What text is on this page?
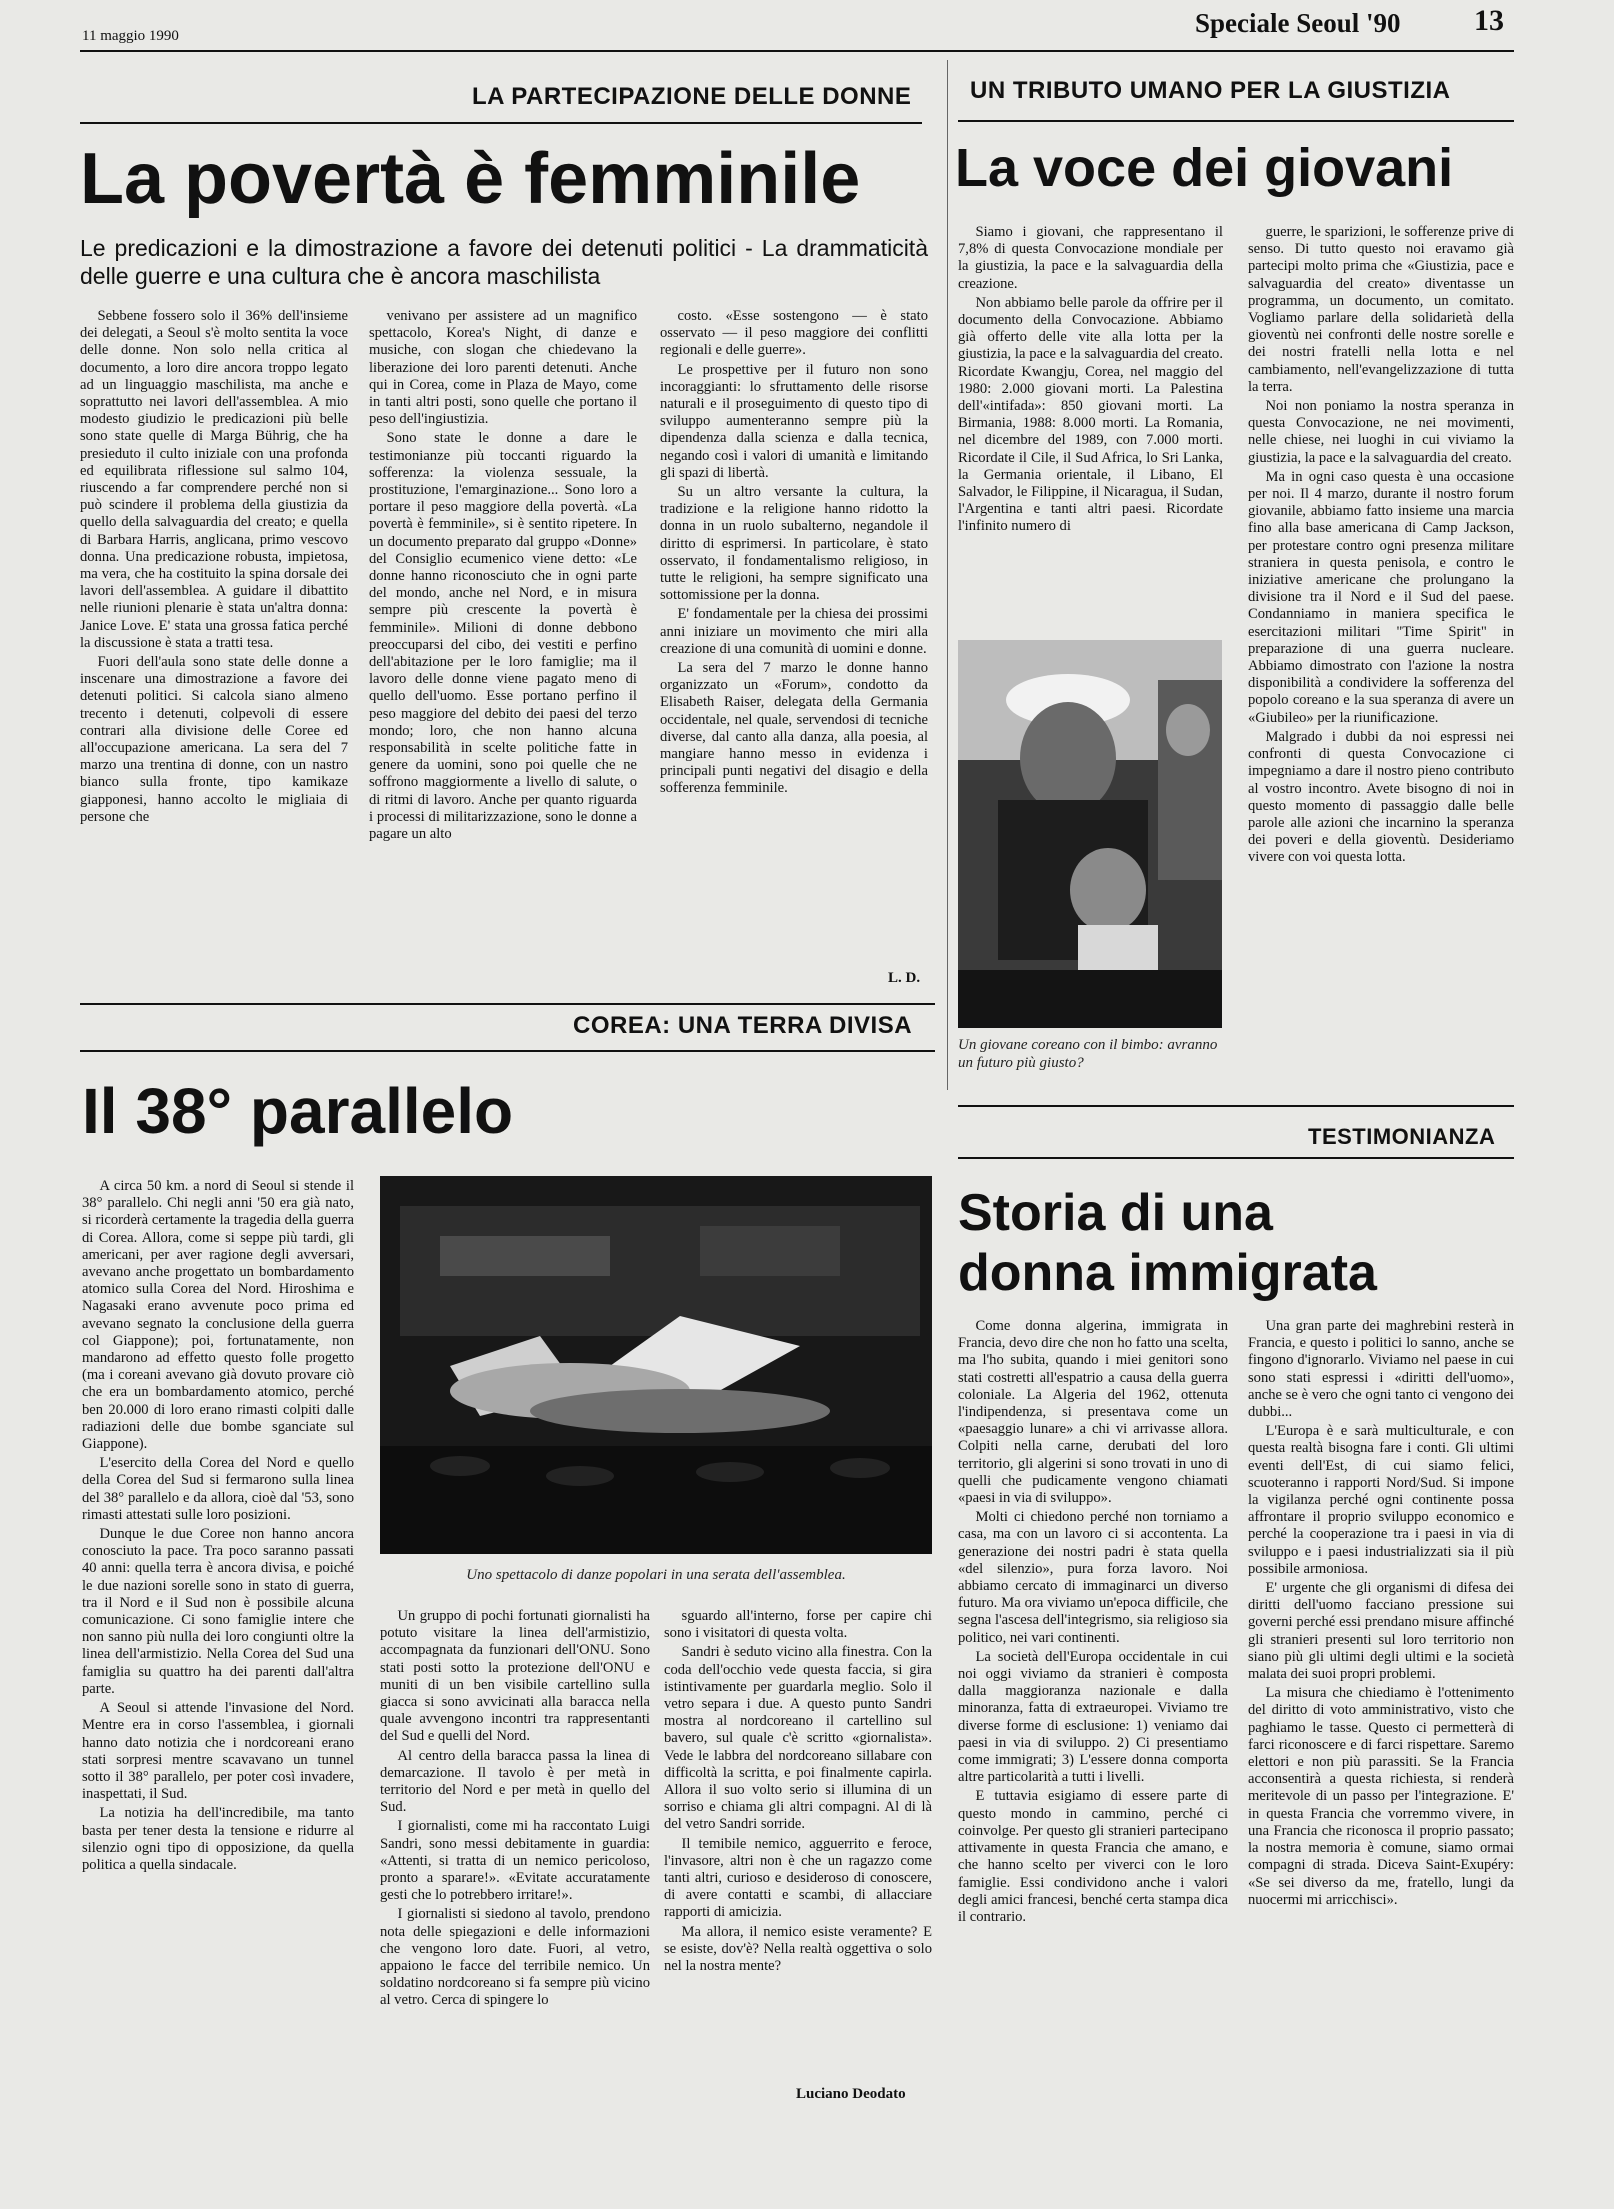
11 maggio 1990	Speciale Seoul '90 13
LA PARTECIPAZIONE DELLE DONNE
La povertà è femminile
Le predicazioni e la dimostrazione a favore dei detenuti politici - La drammaticità delle guerre e una cultura che è ancora maschilista

Sebbene fossero solo il 36% dell'insieme dei delegati, a Seoul s'è molto sentita la voce delle donne. Non solo nella critica al documento, a loro dire ancora troppo legato ad un linguaggio maschilista, ma anche e soprattutto nei lavori dell'assemblea. A mio modesto giudizio le predicazioni più belle sono state quelle di Marga Bührig, che ha presieduto il culto iniziale con una profonda ed equilibrata riflessione sul salmo 104, riuscendo a far comprendere perché non si può scindere il problema della giustizia da quello della salvaguardia del creato; e quella di Barbara Harris, anglicana, primo vescovo donna. Una predicazione robusta, impietosa, ma vera, che ha costituito la spina dorsale dei lavori dell'assemblea. A guidare il dibattito nelle riunioni plenarie è stata un'altra donna: Janice Love. E' stata una grossa fatica perché la discussione è stata a tratti tesa.

Fuori dell'aula sono state delle donne a inscenare una dimostrazione a favore dei detenuti politici. Si calcola siano almeno trecento i detenuti, colpevoli di essere contrari alla divisione delle Coree ed all'occupazione americana. La sera del 7 marzo una trentina di donne, con un nastro bianco sulla fronte, tipo kamikaze giapponesi, hanno accolto le migliaia di persone che

venivano per assistere ad un magnifico spettacolo, Korea's Night, di danze e musiche, con slogan che chiedevano la liberazione dei loro parenti detenuti. Anche qui in Corea, come in Plaza de Mayo, come in tanti altri posti, sono quelle che portano il peso dell'ingiustizia.

Sono state le donne a dare le testimonianze più toccanti riguardo la sofferenza: la violenza sessuale, la prostituzione, l'emarginazione... Sono loro a portare il peso maggiore della povertà. «La povertà è femminile», si è sentito ripetere. In un documento preparato dal gruppo «Donne» del Consiglio ecumenico viene detto: «Le donne hanno riconosciuto che in ogni parte del mondo, anche nel Nord, e in misura sempre più crescente la povertà è femminile». Milioni di donne debbono preoccuparsi del cibo, dei vestiti e perfino dell'abitazione per le loro famiglie; ma il lavoro delle donne viene pagato meno di quello dell'uomo. Esse portano perfino il peso maggiore del debito dei paesi del terzo mondo; loro, che non hanno alcuna responsabilità in scelte politiche fatte in genere da uomini, sono poi quelle che ne soffrono maggiormente a livello di salute, o di ritmi di lavoro. Anche per quanto riguarda i processi di militarizzazione, sono le donne a pagare un alto

costo. «Esse sostengono — è stato osservato — il peso maggiore dei conflitti regionali e delle guerre».

Le prospettive per il futuro non sono incoraggianti: lo sfruttamento delle risorse naturali e il proseguimento di questo tipo di sviluppo aumenteranno sempre più la dipendenza dalla scienza e dalla tecnica, negando così i valori di umanità e limitando gli spazi di libertà.

Su un altro versante la cultura, la tradizione e la religione hanno ridotto la donna in un ruolo subalterno, negandole il diritto di esprimersi. In particolare, è stato osservato, il fondamentalismo religioso, in tutte le religioni, ha sempre significato una sottomissione per la donna.

E' fondamentale per la chiesa dei prossimi anni iniziare un movimento che miri alla creazione di una comunità di uomini e donne.

La sera del 7 marzo le donne hanno organizzato un «Forum», condotto da Elisabeth Raiser, delegata della Germania occidentale, nel quale, servendosi di tecniche diverse, dal canto alla danza, alla poesia, al mangiare hanno messo in evidenza i principali punti negativi del disagio e della sofferenza femminile.

L. D.
UN TRIBUTO UMANO PER LA GIUSTIZIA
La voce dei giovani

Siamo i giovani, che rappresentano il 7,8% di questa Convocazione mondiale per la giustizia, la pace e la salvaguardia della creazione.

Non abbiamo belle parole da offrire per il documento della Convocazione. Abbiamo già offerto delle vite alla lotta per la giustizia, la pace e la salvaguardia del creato. Ricordate Kwangju, Corea, nel maggio del 1980: 2.000 giovani morti. La Palestina dell'«intifada»: 850 giovani morti. La Birmania, 1988: 8.000 morti. La Romania, nel dicembre del 1989, con 7.000 morti. Ricordate il Cile, il Sud Africa, lo Sri Lanka, la Germania orientale, il Libano, El Salvador, le Filippine, il Nicaragua, il Sudan, l'Argentina e tanti altri paesi. Ricordate l'infinito numero di

guerre, le sparizioni, le sofferenze prive di senso. Di tutto questo noi eravamo già partecipi molto prima che «Giustizia, pace e salvaguardia del creato» diventasse un programma, un documento, un comitato. Vogliamo parlare della solidarietà della gioventù nei confronti delle nostre sorelle e dei nostri fratelli nella lotta e nel cambiamento, nell'evangelizzazione di tutta la terra.

Noi non poniamo la nostra speranza in questa Convocazione, ne nei movimenti, nelle chiese, nei luoghi in cui viviamo la giustizia, la pace e la salvaguardia del creato.

Ma in ogni caso questa è una occasione per noi. Il 4 marzo, durante il nostro forum giovanile, abbiamo fatto insieme una marcia fino alla base americana di Camp Jackson, per protestare contro ogni presenza militare straniera in questa penisola, e contro le iniziative americane che prolungano la divisione tra il Nord e il Sud del paese. Condanniamo in maniera specifica le esercitazioni militari "Time Spirit" in preparazione di una guerra nucleare. Abbiamo dimostrato con l'azione la nostra disponibilità a condividere la sofferenza del popolo coreano e la sua speranza di avere un «Giubileo» per la riunificazione.

Malgrado i dubbi da noi espressi nei confronti di questa Convocazione ci impegniamo a dare il nostro pieno contributo al vostro incontro. Avete bisogno di noi in questo momento di passaggio dalle belle parole alle azioni che incarnino la speranza dei poveri e della gioventù. Desideriamo vivere con voi questa lotta.

Un giovane coreano con il bimbo: avranno un futuro più giusto?
COREA: UNA TERRA DIVISA
Il 38° parallelo

A circa 50 km. a nord di Seoul si stende il 38° parallelo. Chi negli anni '50 era già nato, si ricorderà certamente la tragedia della guerra di Corea. Allora, come si seppe più tardi, gli americani, per aver ragione degli avversari, avevano anche progettato un bombardamento atomico sulla Corea del Nord. Hiroshima e Nagasaki erano avvenute poco prima ed avevano segnato la conclusione della guerra col Giappone); poi, fortunatamente, non mandarono ad effetto questo folle progetto (ma i coreani avevano già dovuto provare ciò che era un bombardamento atomico, perché ben 20.000 di loro erano rimasti colpiti dalle radiazioni delle due bombe sganciate sul Giappone).

L'esercito della Corea del Nord e quello della Corea del Sud si fermarono sulla linea del 38° parallelo e da allora, cioè dal '53, sono rimasti attestati sulle loro posizioni.

Dunque le due Coree non hanno ancora conosciuto la pace. Tra poco saranno passati 40 anni: quella terra è ancora divisa, e poiché le due nazioni sorelle sono in stato di guerra, tra il Nord e il Sud non è possibile alcuna comunicazione. Ci sono famiglie intere che non sanno più nulla dei loro congiunti oltre la linea dell'armistizio. Nella Corea del Sud una famiglia su quattro ha dei parenti dall'altra parte.

A Seoul si attende l'invasione del Nord. Mentre era in corso l'assemblea, i giornali hanno dato notizia che i nordcoreani erano stati sorpresi mentre scavavano un tunnel sotto il 38° parallelo, per poter così invadere, inaspettati, il Sud.

La notizia ha dell'incredibile, ma tanto basta per tener desta la tensione e ridurre al silenzio ogni tipo di opposizione, da quella politica a quella sindacale.

Uno spettacolo di danze popolari in una serata dell'assemblea.

Un gruppo di pochi fortunati giornalisti ha potuto visitare la linea dell'armistizio, accompagnata da funzionari dell'ONU. Sono stati posti sotto la protezione dell'ONU e muniti di un ben visibile cartellino sulla giacca si sono avvicinati alla baracca nella quale avvengono incontri tra rappresentanti del Sud e quelli del Nord.

Al centro della baracca passa la linea di demarcazione. Il tavolo è per metà in territorio del Nord e per metà in quello del Sud.

I giornalisti, come mi ha raccontato Luigi Sandri, sono messi debitamente in guardia: «Attenti, si tratta di un nemico pericoloso, pronto a sparare!». «Evitate accuratamente gesti che lo potrebbero irritare!».

I giornalisti si siedono al tavolo, prendono nota delle spiegazioni e delle informazioni che vengono loro date. Fuori, al vetro, appaiono le facce del terribile nemico. Un soldatino nordcoreano si fa sempre più vicino al vetro. Cerca di spingere lo

sguardo all'interno, forse per capire chi sono i visitatori di questa volta.

Sandri è seduto vicino alla finestra. Con la coda dell'occhio vede questa faccia, si gira istintivamente per guardarla meglio. Solo il vetro separa i due. A questo punto Sandri mostra al nordcoreano il cartellino sul bavero, sul quale c'è scritto «giornalista». Vede le labbra del nordcoreano sillabare con difficoltà la scritta, e poi finalmente capirla. Allora il suo volto serio si illumina di un sorriso e chiama gli altri compagni. Al di là del vetro Sandri sorride.

Il temibile nemico, agguerrito e feroce, l'invasore, altri non è che un ragazzo come tanti altri, curioso e desideroso di conoscere, di avere contatti e scambi, di allacciare rapporti di amicizia.

Ma allora, il nemico esiste veramente? E se esiste, dov'è? Nella realtà oggettiva o solo nel la nostra mente?

Luciano Deodato
TESTIMONIANZA
Storia di una
donna immigrata

Come donna algerina, immigrata in Francia, devo dire che non ho fatto una scelta, ma l'ho subita, quando i miei genitori sono stati costretti all'espatrio a causa della guerra coloniale. La Algeria del 1962, ottenuta l'indipendenza, si presentava come un «paesaggio lunare» a chi vi arrivasse allora. Colpiti nella carne, derubati del loro territorio, gli algerini si sono trovati in uno di quelli che pudicamente vengono chiamati «paesi in via di sviluppo».

Molti ci chiedono perché non torniamo a casa, ma con un lavoro ci si accontenta. La generazione dei nostri padri è stata quella «del silenzio», pura forza lavoro. Noi abbiamo cercato di immaginarci un diverso futuro. Ma ora viviamo un'epoca difficile, che segna l'ascesa dell'integrismo, sia religioso sia politico, nei vari continenti.

La società dell'Europa occidentale in cui noi oggi viviamo da stranieri è composta dalla maggioranza nazionale e dalla minoranza, fatta di extraeuropei. Viviamo tre diverse forme di esclusione: 1) veniamo dai paesi in via di sviluppo. 2) Ci presentiamo come immigrati; 3) L'essere donna comporta altre particolarità a tutti i livelli.

E tuttavia esigiamo di essere parte di questo mondo in cammino, perché ci coinvolge. Per questo gli stranieri partecipano attivamente in questa Francia che amano, e che hanno scelto per viverci con le loro famiglie. Essi condividono anche i valori degli amici francesi, benché certa stampa dica il contrario.

Una gran parte dei maghrebini resterà in Francia, e questo i politici lo sanno, anche se fingono d'ignorarlo. Viviamo nel paese in cui sono stati espressi i «diritti dell'uomo», anche se è vero che ogni tanto ci vengono dei dubbi...

L'Europa è e sarà multiculturale, e con questa realtà bisogna fare i conti. Gli ultimi eventi dell'Est, di cui siamo felici, scuoteranno i rapporti Nord/Sud. Si impone la vigilanza perché ogni continente possa affrontare il proprio sviluppo economico e perché la cooperazione tra i paesi in via di sviluppo e i paesi industrializzati sia il più possibile armoniosa.

E' urgente che gli organismi di difesa dei diritti dell'uomo facciano pressione sui governi perché essi prendano misure affinché gli stranieri presenti sul loro territorio non siano più gli ultimi degli ultimi e la società malata dei suoi propri problemi.

La misura che chiediamo è l'ottenimento del diritto di voto amministrativo, visto che paghiamo le tasse. Questo ci permetterà di farci riconoscere e di farci rispettare. Saremo elettori e non più parassiti. Se la Francia acconsentirà a questa richiesta, si renderà meritevole di un passo per l'integrazione. E' in questa Francia che vorremmo vivere, in una Francia che riconosca il proprio passato; la nostra memoria è comune, siamo ormai compagni di strada. Diceva Saint-Exupéry: «Se sei diverso da me, fratello, lungi da nuocermi mi arricchisci».
